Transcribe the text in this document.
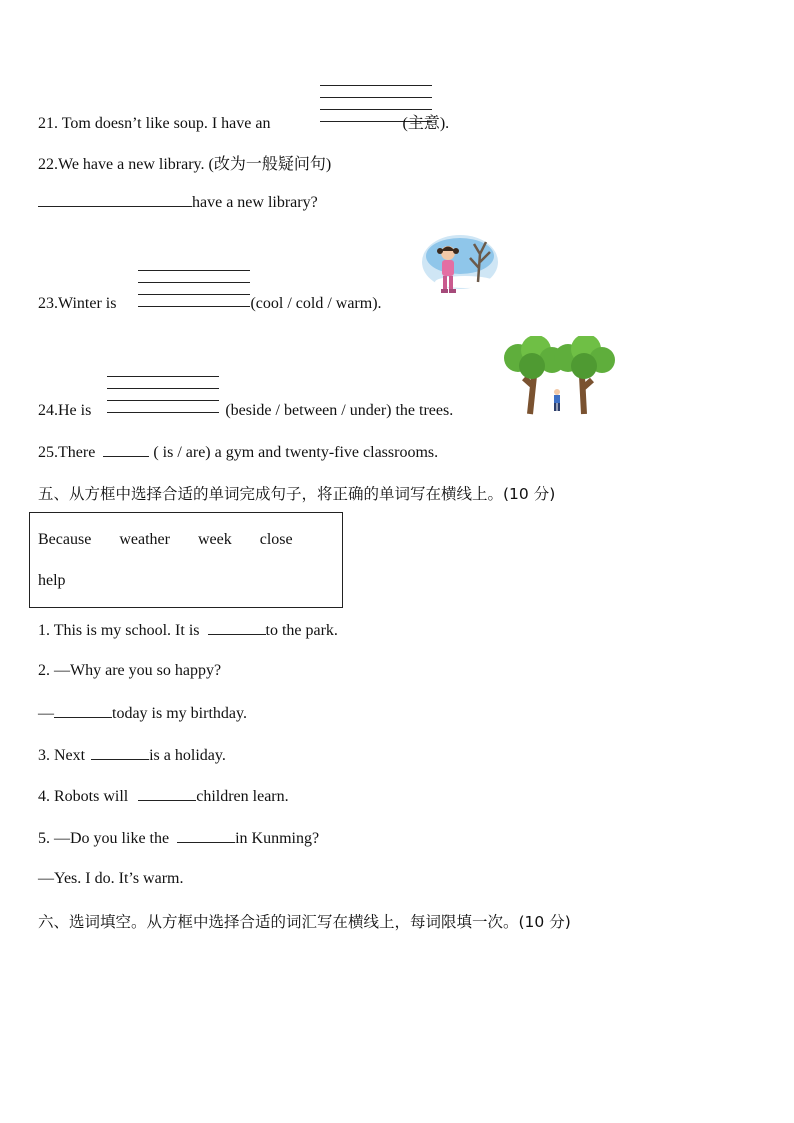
21. Tom doesn’t like soup. I have an	(主意).
22.We have a new library. (改为一般疑问句)
have a new library?
23.Winter is	(cool / cold / warm).
24.He is	(beside / between / under) the trees.
25.There	( is / are) a gym and twenty-five classrooms.
五、从方框中选择合适的单词完成句子，将正确的单词写在横线上。(10 分)
Because weather week close
help
1. This is my school. It is	to the park.
2. —Why are you so happy?
—	today is my birthday.
3. Next	is a holiday.
4. Robots will	children learn.
5. —Do you like the	in Kunming?
—Yes. I do. It’s warm.
六、选词填空。从方框中选择合适的词汇写在横线上，每词限填一次。(10 分)
